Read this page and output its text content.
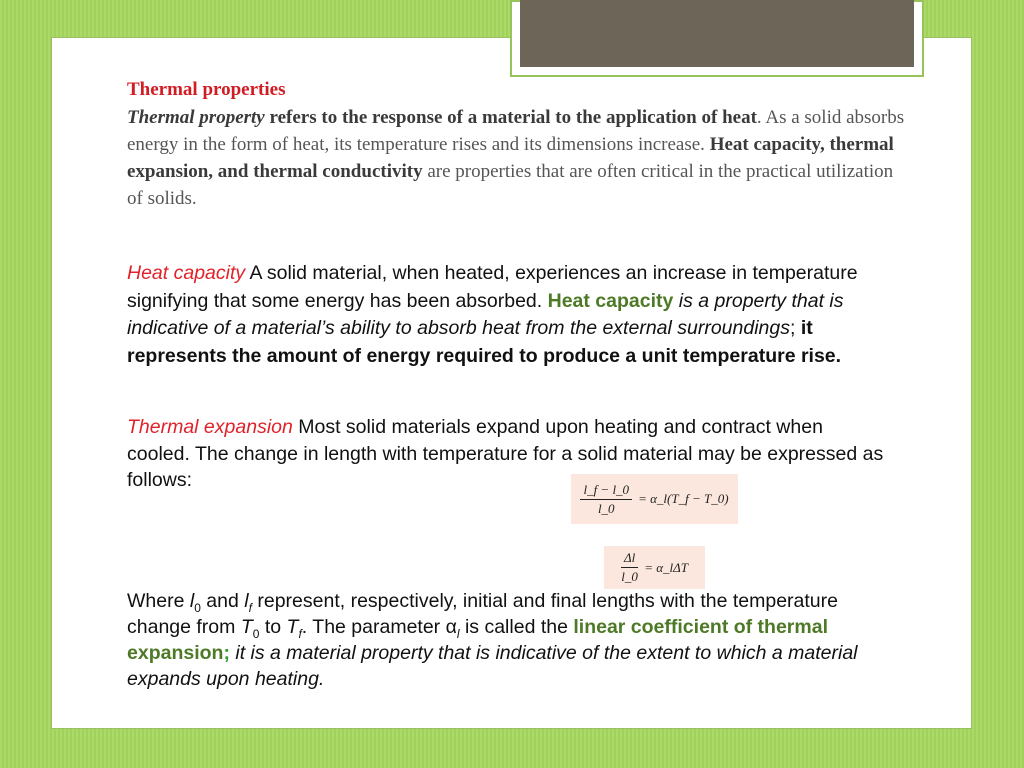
Thermal properties
Thermal property refers to the response of a material to the application of heat. As a solid absorbs energy in the form of heat, its temperature rises and its dimensions increase. Heat capacity, thermal expansion, and thermal conductivity are properties that are often critical in the practical utilization of solids.
Heat capacity A solid material, when heated, experiences an increase in temperature signifying that some energy has been absorbed. Heat capacity is a property that is indicative of a material’s ability to absorb heat from the external surroundings; it represents the amount of energy required to produce a unit temperature rise.
Thermal expansion Most solid materials expand upon heating and contract when cooled. The change in length with temperature for a solid material may be expressed as follows:
$\frac{l\_f - l\_0}{l\_0}$ = α_l(T_f − T_0)
$\frac{\Delta l}{l\_0}$ = α_lΔT
Where $l_0$ and $l_f$ represent, respectively, initial and final lengths with the temperature change from $T_0$ to $T_f$. The parameter $\alpha_l$ is called the linear coefficient of thermal expansion; it is a material property that is indicative of the extent to which a material expands upon heating.
